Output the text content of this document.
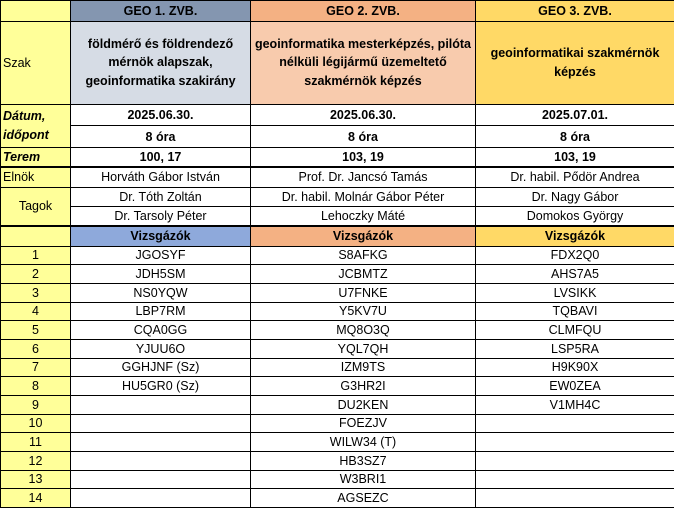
	GEO 1. ZVB.	GEO 2. ZVB.	GEO 3. ZVB.
Szak	földmérő és földrendező mérnök alapszak, geoinformatika szakirány	geoinformatika mesterképzés, pilóta nélküli légijármű üzemeltető szakmérnök képzés	geoinformatikai szakmérnök képzés
Dátum,
időpont	2025.06.30.	2025.06.30.	2025.07.01.
	8 óra	8 óra	8 óra
Terem	100, 17	103, 19	103, 19
Elnök	Horváth Gábor István	Prof. Dr. Jancsó Tamás	Dr. habil. Pődör Andrea
Tagok	Dr. Tóth Zoltán	Dr. habil. Molnár Gábor Péter	Dr. Nagy Gábor
	Dr. Tarsoly Péter	Lehoczky Máté	Domokos György
	Vizsgázók	Vizsgázók	Vizsgázók
1	JGOSYF	S8AFKG	FDX2Q0
2	JDH5SM	JCBMTZ	AHS7A5
3	NS0YQW	U7FNKE	LVSIKK
4	LBP7RM	Y5KV7U	TQBAVI
5	CQA0GG	MQ8O3Q	CLMFQU
6	YJUU6O	YQL7QH	LSP5RA
7	GGHJNF (Sz)	IZM9TS	H9K90X
8	HU5GR0 (Sz)	G3HR2I	EW0ZEA
9		DU2KEN	V1MH4C
10		FOEZJV	
11		WILW34 (T)	
12		HB3SZ7	
13		W3BRI1	
14		AGSEZC	
